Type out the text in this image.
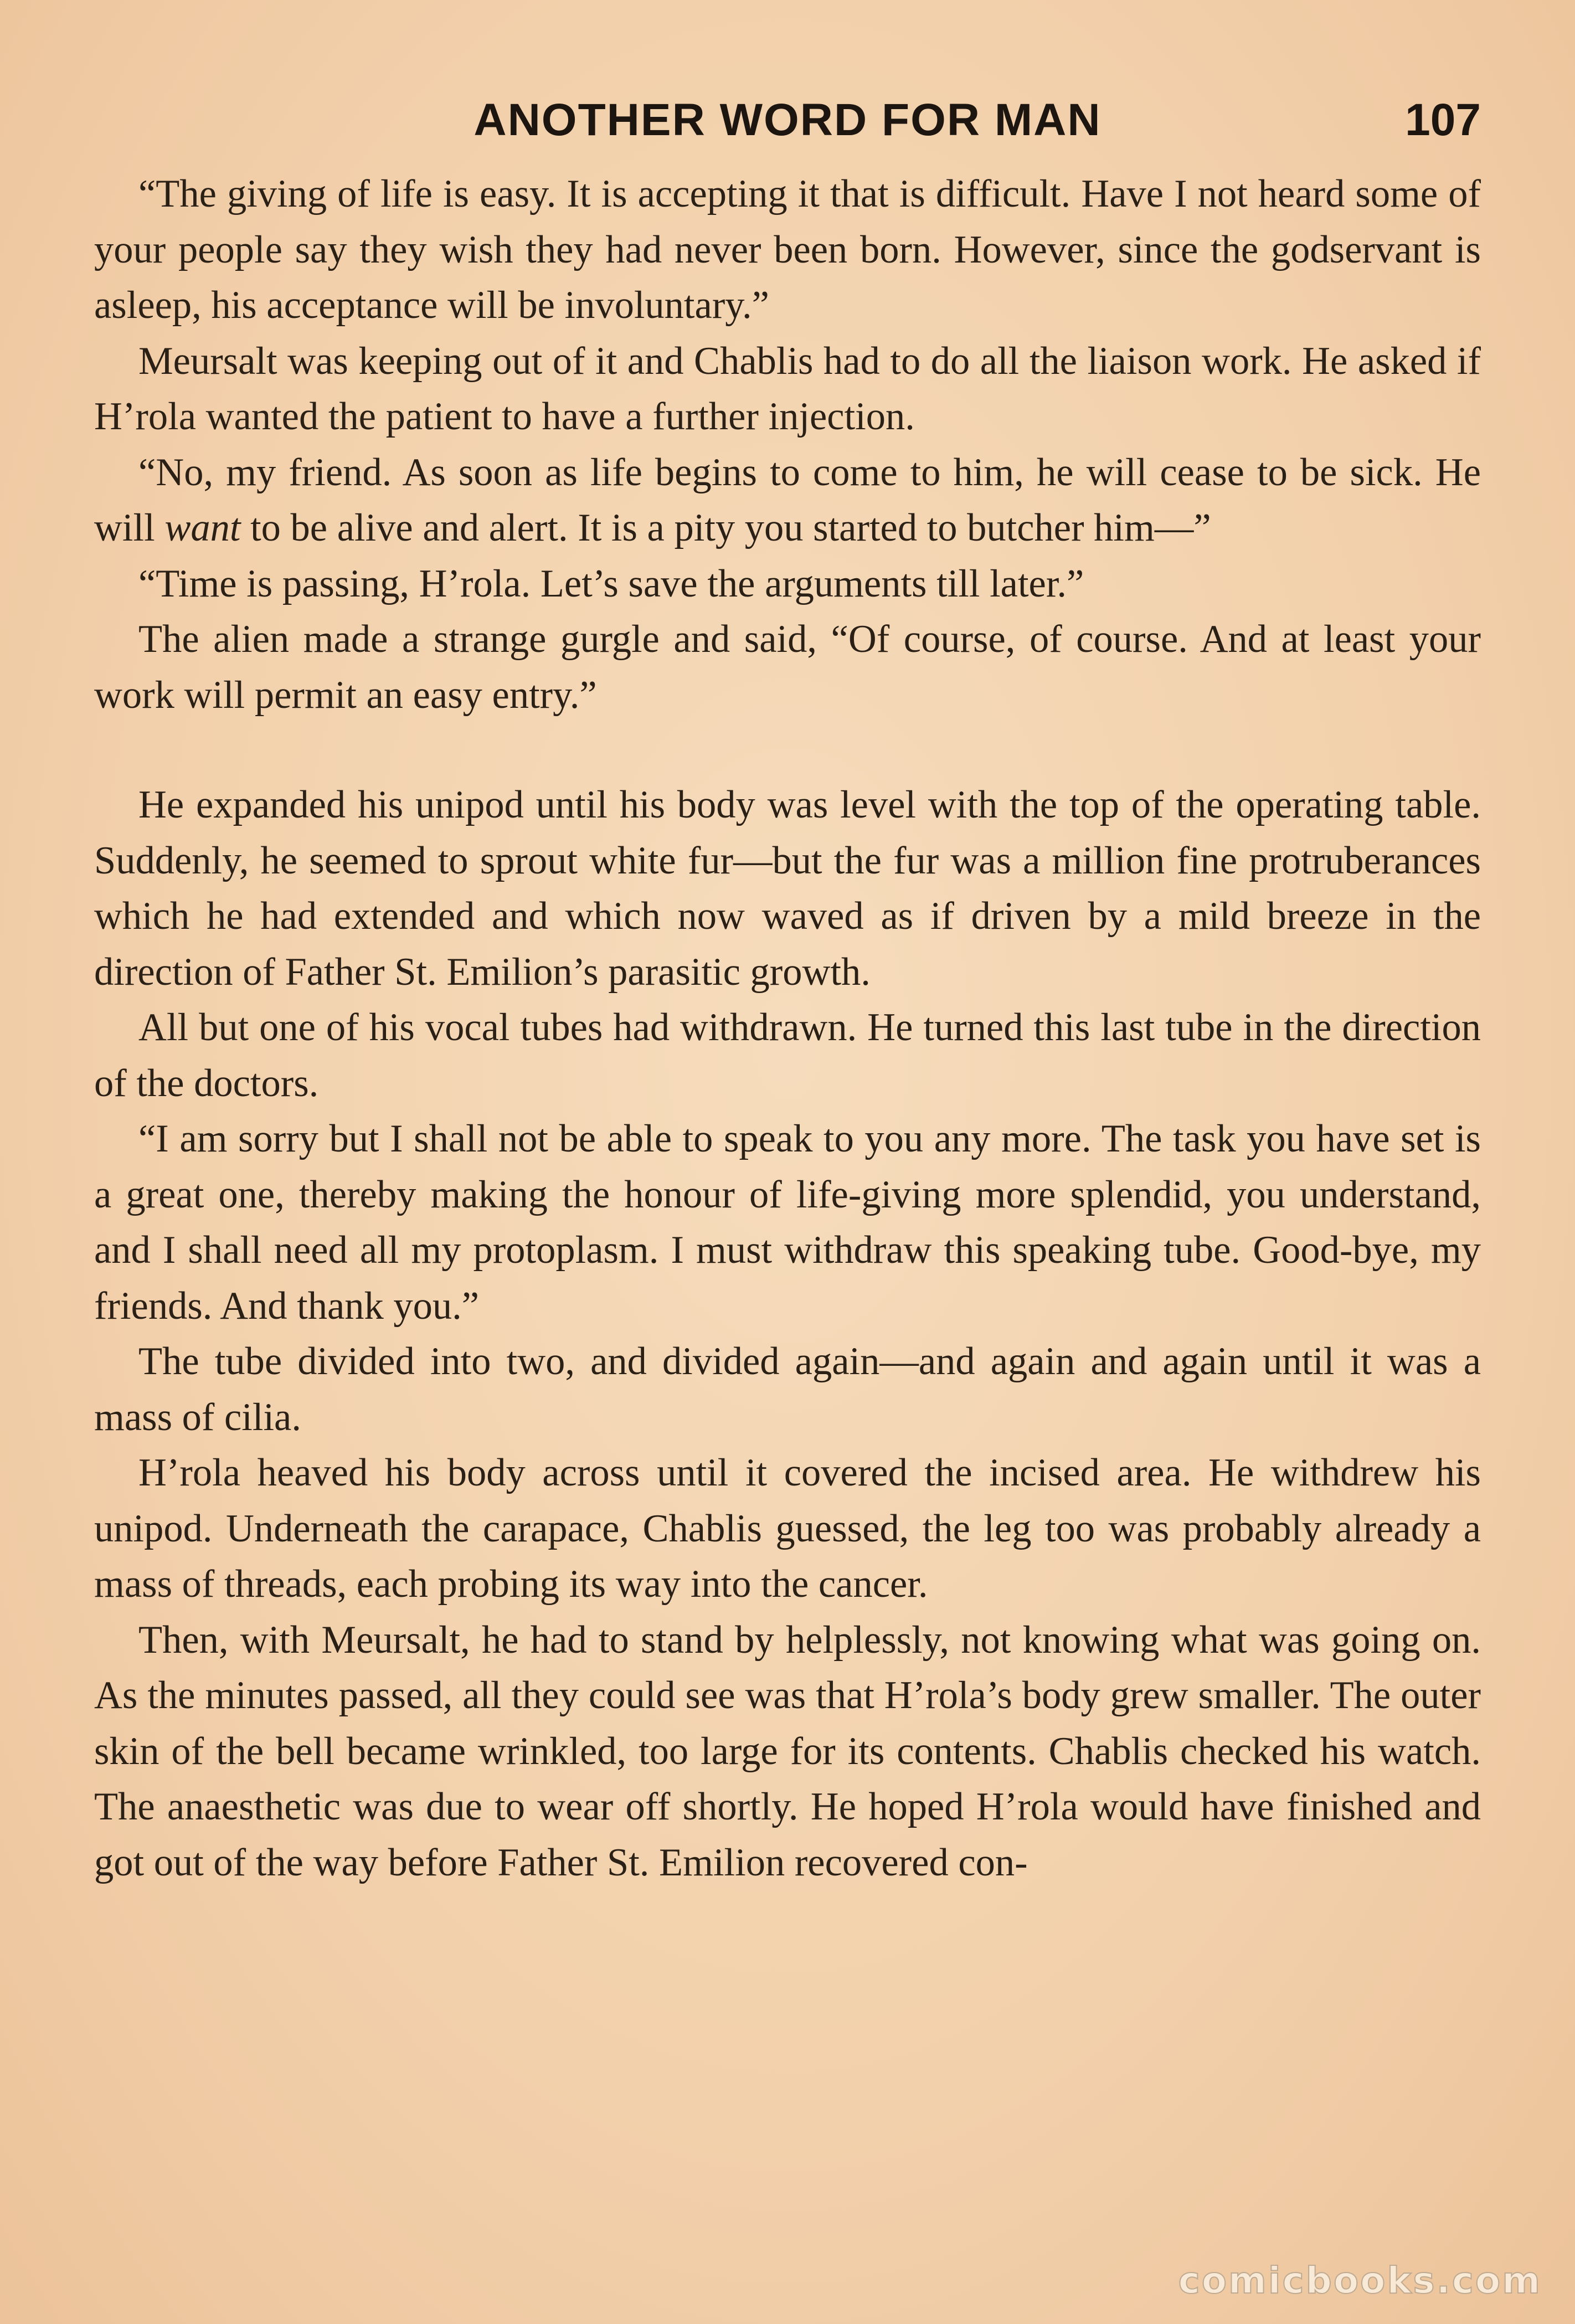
ANOTHER WORD FOR MAN	107

“The giving of life is easy. It is accepting it that is difficult. Have I not heard some of your people say they wish they had never been born. However, since the godservant is asleep, his acceptance will be involuntary.”

Meursalt was keeping out of it and Chablis had to do all the liaison work. He asked if H’rola wanted the patient to have a further injection.

“No, my friend. As soon as life begins to come to him, he will cease to be sick. He will want to be alive and alert. It is a pity you started to butcher him—”

“Time is passing, H’rola. Let’s save the arguments till later.”

The alien made a strange gurgle and said, “Of course, of course. And at least your work will permit an easy entry.”

He expanded his unipod until his body was level with the top of the operating table. Suddenly, he seemed to sprout white fur—but the fur was a million fine protruberances which he had extended and which now waved as if driven by a mild breeze in the direction of Father St. Emilion’s parasitic growth.

All but one of his vocal tubes had withdrawn. He turned this last tube in the direction of the doctors.

“I am sorry but I shall not be able to speak to you any more. The task you have set is a great one, thereby making the honour of life-giving more splendid, you understand, and I shall need all my protoplasm. I must withdraw this speaking tube. Good-bye, my friends. And thank you.”

The tube divided into two, and divided again—and again and again until it was a mass of cilia.

H’rola heaved his body across until it covered the incised area. He withdrew his unipod. Underneath the carapace, Chablis guessed, the leg too was probably already a mass of threads, each probing its way into the cancer.

Then, with Meursalt, he had to stand by helplessly, not knowing what was going on. As the minutes passed, all they could see was that H’rola’s body grew smaller. The outer skin of the bell became wrinkled, too large for its contents. Chablis checked his watch. The anaesthetic was due to wear off shortly. He hoped H’rola would have finished and got out of the way before Father St. Emilion recovered con-

comicbooks.com
